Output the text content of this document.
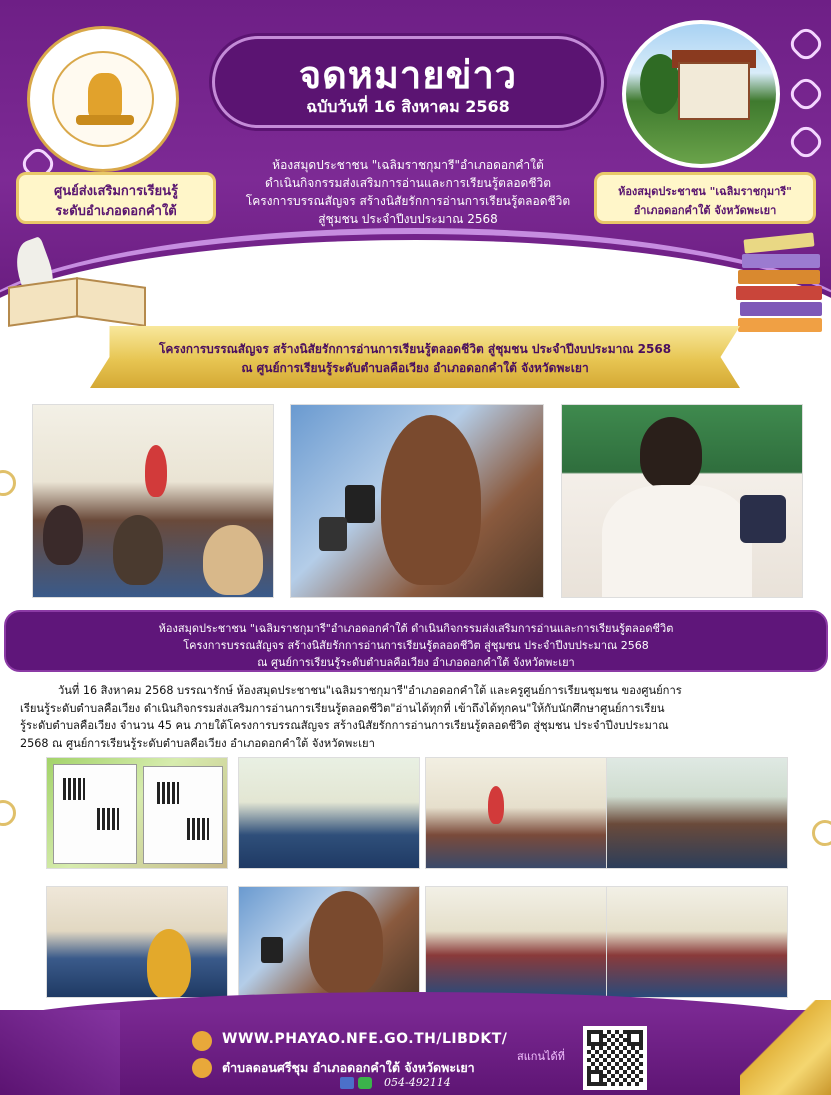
จดหมายข่าว
ฉบับวันที่ 16 สิงหาคม 2568
ห้องสมุดประชาชน "เฉลิมราชกุมารี"อำเภอดอกคำใต้
ดำเนินกิจกรรมส่งเสริมการอ่านและการเรียนรู้ตลอดชีวิต
โครงการบรรณสัญจร สร้างนิสัยรักการอ่านการเรียนรู้ตลอดชีวิต
สู่ชุมชน ประจำปีงบประมาณ 2568
ศูนย์ส่งเสริมการเรียนรู้
ระดับอำเภอดอกคำใต้
ห้องสมุดประชาชน "เฉลิมราชกุมารี"
อำเภอดอกคำใต้ จังหวัดพะเยา
โครงการบรรณสัญจร สร้างนิสัยรักการอ่านการเรียนรู้ตลอดชีวิต สู่ชุมชน ประจำปีงบประมาณ 2568
ณ ศูนย์การเรียนรู้ระดับตำบลคือเวียง อำเภอดอกคำใต้ จังหวัดพะเยา
ห้องสมุดประชาชน "เฉลิมราชกุมารี"อำเภอดอกคำใต้ ดำเนินกิจกรรมส่งเสริมการอ่านและการเรียนรู้ตลอดชีวิต
โครงการบรรณสัญจร สร้างนิสัยรักการอ่านการเรียนรู้ตลอดชีวิต สู่ชุมชน ประจำปีงบประมาณ 2568
ณ ศูนย์การเรียนรู้ระดับตำบลคือเวียง อำเภอดอกคำใต้ จังหวัดพะเยา
วันที่ 16 สิงหาคม 2568 บรรณารักษ์ ห้องสมุดประชาชน"เฉลิมราชกุมารี"อำเภอดอกคำใต้ และครูศูนย์การเรียนชุมชน ของศูนย์การ
เรียนรู้ระดับตำบลคือเวียง ดำเนินกิจกรรมส่งเสริมการอ่านการเรียนรู้ตลอดชีวิต"อ่านได้ทุกที่ เข้าถึงได้ทุกคน"ให้กับนักศึกษาศูนย์การเรียน
รู้ระดับตำบลคือเวียง จำนวน 45 คน ภายใต้โครงการบรรณสัญจร สร้างนิสัยรักการอ่านการเรียนรู้ตลอดชีวิต สู่ชุมชน ประจำปีงบประมาณ
2568 ณ ศูนย์การเรียนรู้ระดับตำบลคือเวียง อำเภอดอกคำใต้ จังหวัดพะเยา
WWW.PHAYAO.NFE.GO.TH/LIBDKT/
ตำบลดอนศรีชุม อำเภอดอกคำใต้ จังหวัดพะเยา
054-492114
สแกนได้ที่
